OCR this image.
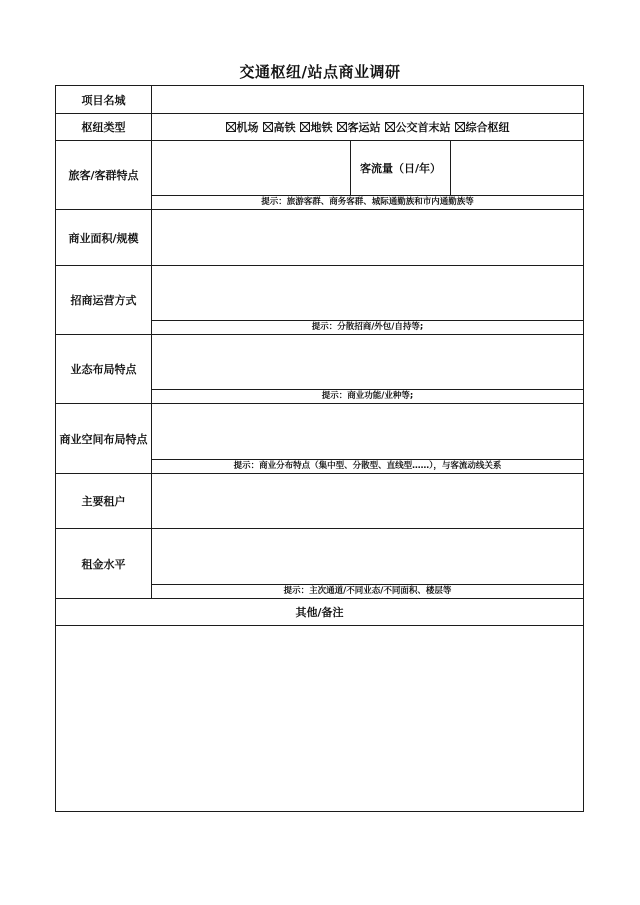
交通枢纽/站点商业调研
项目名城
枢纽类型	机场 高铁 地铁 客运站 公交首末站 综合枢纽
旅客/客群特点
客流量（日/年）
提示：旅游客群、商务客群、城际通勤族和市内通勤族等
商业面积/规模
招商运营方式
提示：分散招商/外包/自持等;
业态布局特点
提示：商业功能/业种等;
商业空间布局特点
提示：商业分布特点（集中型、分散型、直线型……），与客流动线关系
主要租户
租金水平
提示：主次通道/不同业态/不同面积、楼层等
其他/备注
